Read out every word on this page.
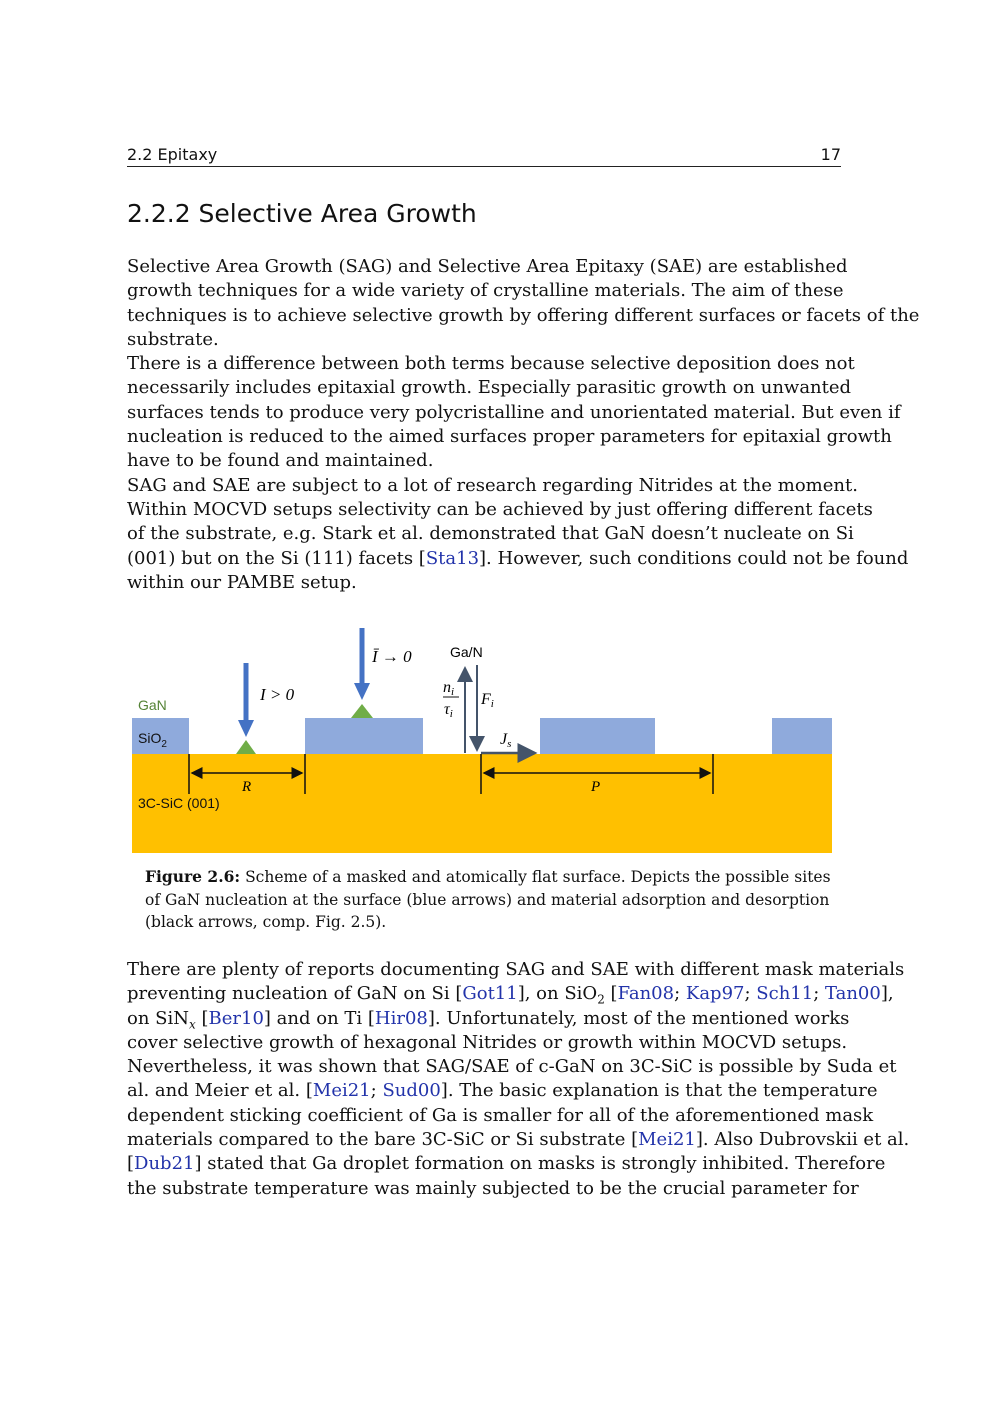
2.2 Epitaxy	17
2.2.2 Selective Area Growth
Selective Area Growth (SAG) and Selective Area Epitaxy (SAE) are established
growth techniques for a wide variety of crystalline materials. The aim of these
techniques is to achieve selective growth by offering different surfaces or facets of the
substrate.
There is a difference between both terms because selective deposition does not
necessarily includes epitaxial growth. Especially parasitic growth on unwanted
surfaces tends to produce very polycristalline and unorientated material. But even if
nucleation is reduced to the aimed surfaces proper parameters for epitaxial growth
have to be found and maintained.
SAG and SAE are subject to a lot of research regarding Nitrides at the moment.
Within MOCVD setups selectivity can be achieved by just offering different facets
of the substrate, e.g. Stark et al. demonstrated that GaN doesn’t nucleate on Si
(001) but on the Si (111) facets [Sta13]. However, such conditions could not be found
within our PAMBE setup.
GaN
SiO$_2$
3C-SiC (001)
I > 0
Ī → 0	Ga/N
ni
τi
Fi
Js
R	P
Figure 2.6: Scheme of a masked and atomically flat surface. Depicts the possible sites
of GaN nucleation at the surface (blue arrows) and material adsorption and desorption
(black arrows, comp. Fig. 2.5).
There are plenty of reports documenting SAG and SAE with different mask materials
preventing nucleation of GaN on Si [Got11], on SiO$_2$ [Fan08; Kap97; Sch11; Tan00],
on SiN$_x$ [Ber10] and on Ti [Hir08]. Unfortunately, most of the mentioned works
cover selective growth of hexagonal Nitrides or growth within MOCVD setups.
Nevertheless, it was shown that SAG/SAE of c-GaN on 3C-SiC is possible by Suda et
al. and Meier et al. [Mei21; Sud00]. The basic explanation is that the temperature
dependent sticking coefficient of Ga is smaller for all of the aforementioned mask
materials compared to the bare 3C-SiC or Si substrate [Mei21]. Also Dubrovskii et al.
[Dub21] stated that Ga droplet formation on masks is strongly inhibited. Therefore
the substrate temperature was mainly subjected to be the crucial parameter for
